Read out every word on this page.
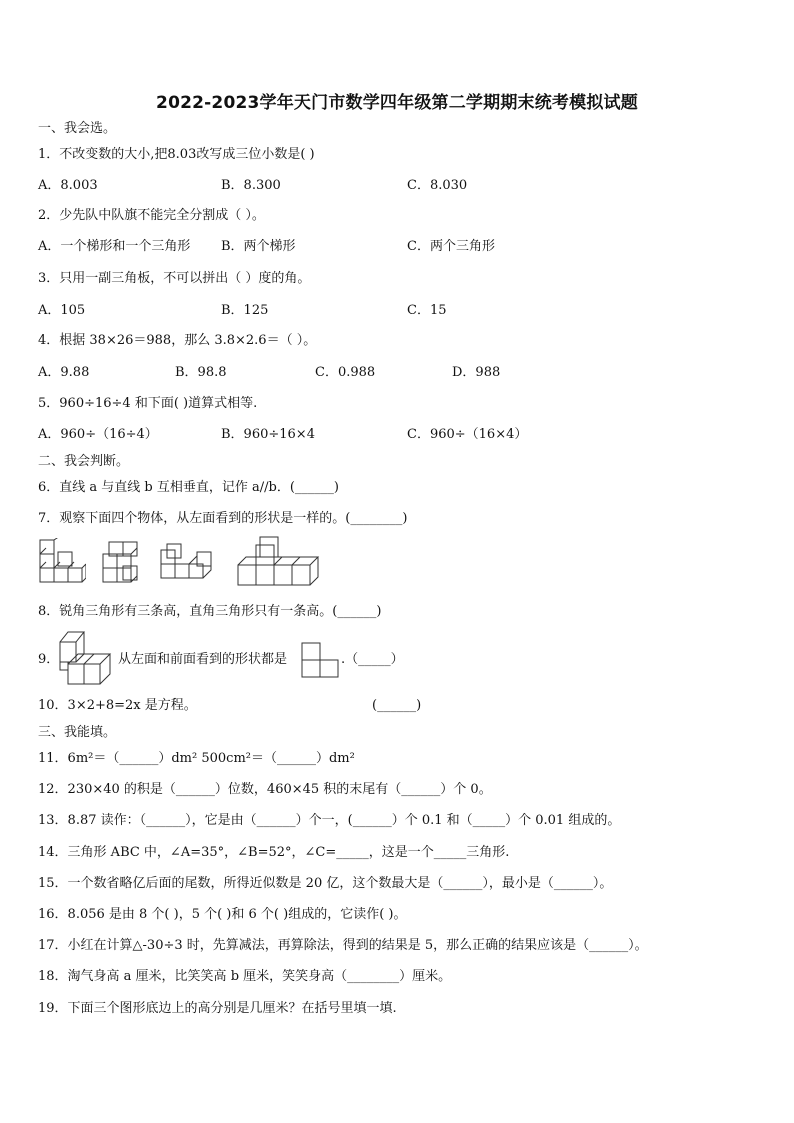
2022-2023学年天门市数学四年级第二学期期末统考模拟试题
一、我会选。
1．不改变数的大小,把8.03改写成三位小数是( )
A．8.003	B．8.300	C．8.030
2．少先队中队旗不能完全分割成（ ）。
A．一个梯形和一个三角形 B．两个梯形	C．两个三角形
3．只用一副三角板，不可以拼出（ ）度的角。
A．105	B．125	C．15
4．根据 38×26＝988，那么 3.8×2.6＝（ ）。
A．9.88	B．98.8	C．0.988	D．988
5．960÷16÷4 和下面( )道算式相等.
A．960÷（16÷4）	B．960÷16×4	C．960÷（16×4）
二、我会判断。
6．直线 a 与直线 b 互相垂直，记作 a//b．(______)
7．观察下面四个物体，从左面看到的形状是一样的。(________)
8．锐角三角形有三条高，直角三角形只有一条高。(______)
9．	从左面和前面看到的形状都是	.（_____）
10．3×2+8=2x 是方程。	(______)
三、我能填。
11．6m²＝（______）dm² 500cm²＝（______）dm²
12．230×40 的积是（______）位数，460×45 积的末尾有（______）个 0。
13．8.87 读作：（______），它是由（______）个一，(______）个 0.1 和（_____）个 0.01 组成的。
14．三角形 ABC 中，∠A=35°，∠B=52°，∠C=_____，这是一个_____三角形.
15．一个数省略亿后面的尾数，所得近似数是 20 亿，这个数最大是（______），最小是（______）。
16．8.056 是由 8 个( )，5 个( )和 6 个( )组成的，它读作( )。
17．小红在计算△-30÷3 时，先算减法，再算除法，得到的结果是 5，那么正确的结果应该是（______）。
18．淘气身高 a 厘米，比笑笑高 b 厘米，笑笑身高（________）厘米。
19．下面三个图形底边上的高分别是几厘米？在括号里填一填.
